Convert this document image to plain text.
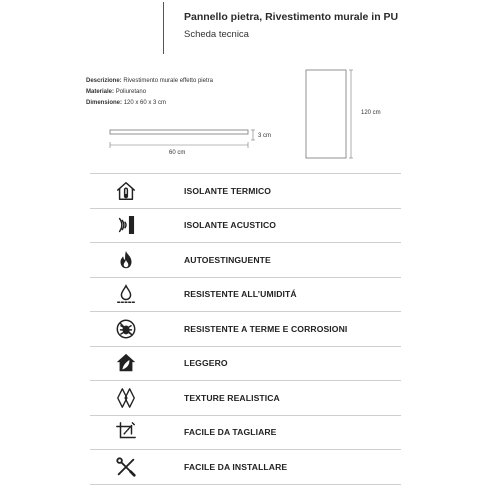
Pannello pietra, Rivestimento murale in PU
Scheda tecnica
Descrizione: Rivestimento murale effetto pietra
Materiale: Poliuretano
Dimensione: 120 x 60 x 3 cm
3 cm
60 cm
120 cm
ISOLANTE TERMICO
ISOLANTE ACUSTICO
AUTOESTINGUENTE
RESISTENTE ALL’UMIDITÁ
RESISTENTE A TERME E CORROSIONI
LEGGERO
TEXTURE REALISTICA
FACILE DA TAGLIARE
FACILE DA INSTALLARE
